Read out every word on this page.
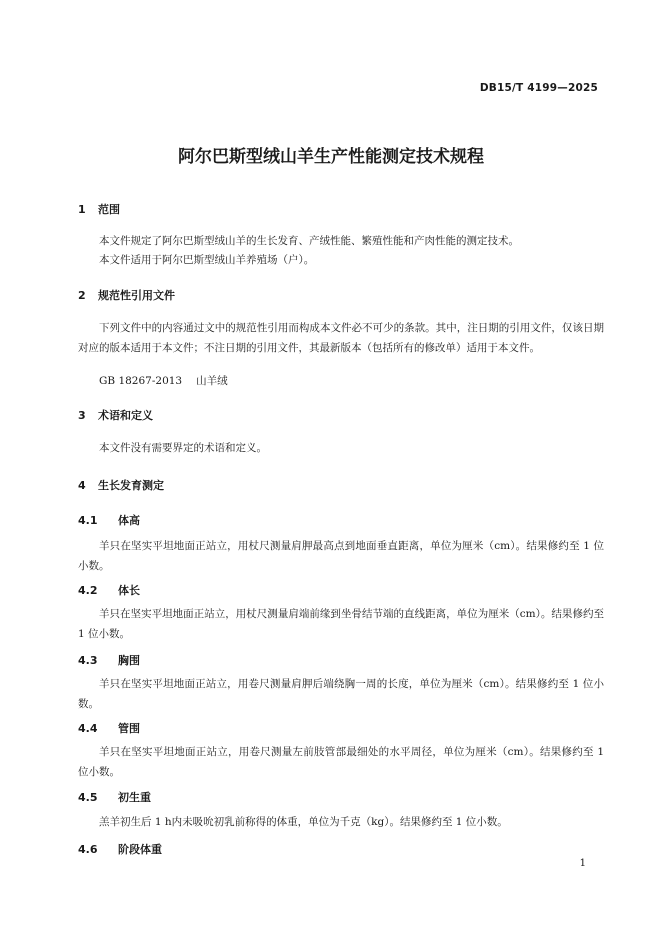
DB15/T 4199—2025
阿尔巴斯型绒山羊生产性能测定技术规程
1 范围
本文件规定了阿尔巴斯型绒山羊的生长发育、产绒性能、繁殖性能和产肉性能的测定技术。
本文件适用于阿尔巴斯型绒山羊养殖场（户）。
2 规范性引用文件
下列文件中的内容通过文中的规范性引用而构成本文件必不可少的条款。其中，注日期的引用文件，仅该日期对应的版本适用于本文件；不注日期的引用文件，其最新版本（包括所有的修改单）适用于本文件。
GB 18267-2013 山羊绒
3 术语和定义
本文件没有需要界定的术语和定义。
4 生长发育测定
4.1 体高
羊只在坚实平坦地面正站立，用杖尺测量肩胛最高点到地面垂直距离，单位为厘米（cm）。结果修约至 1 位小数。
4.2 体长
羊只在坚实平坦地面正站立，用杖尺测量肩端前缘到坐骨结节端的直线距离，单位为厘米（cm）。结果修约至 1 位小数。
4.3 胸围
羊只在坚实平坦地面正站立，用卷尺测量肩胛后端绕胸一周的长度，单位为厘米（cm）。结果修约至 1 位小数。
4.4 管围
羊只在坚实平坦地面正站立，用卷尺测量左前肢管部最细处的水平周径，单位为厘米（cm）。结果修约至 1 位小数。
4.5 初生重
羔羊初生后 1 h内未吸吮初乳前称得的体重，单位为千克（kg）。结果修约至 1 位小数。
4.6 阶段体重
1
